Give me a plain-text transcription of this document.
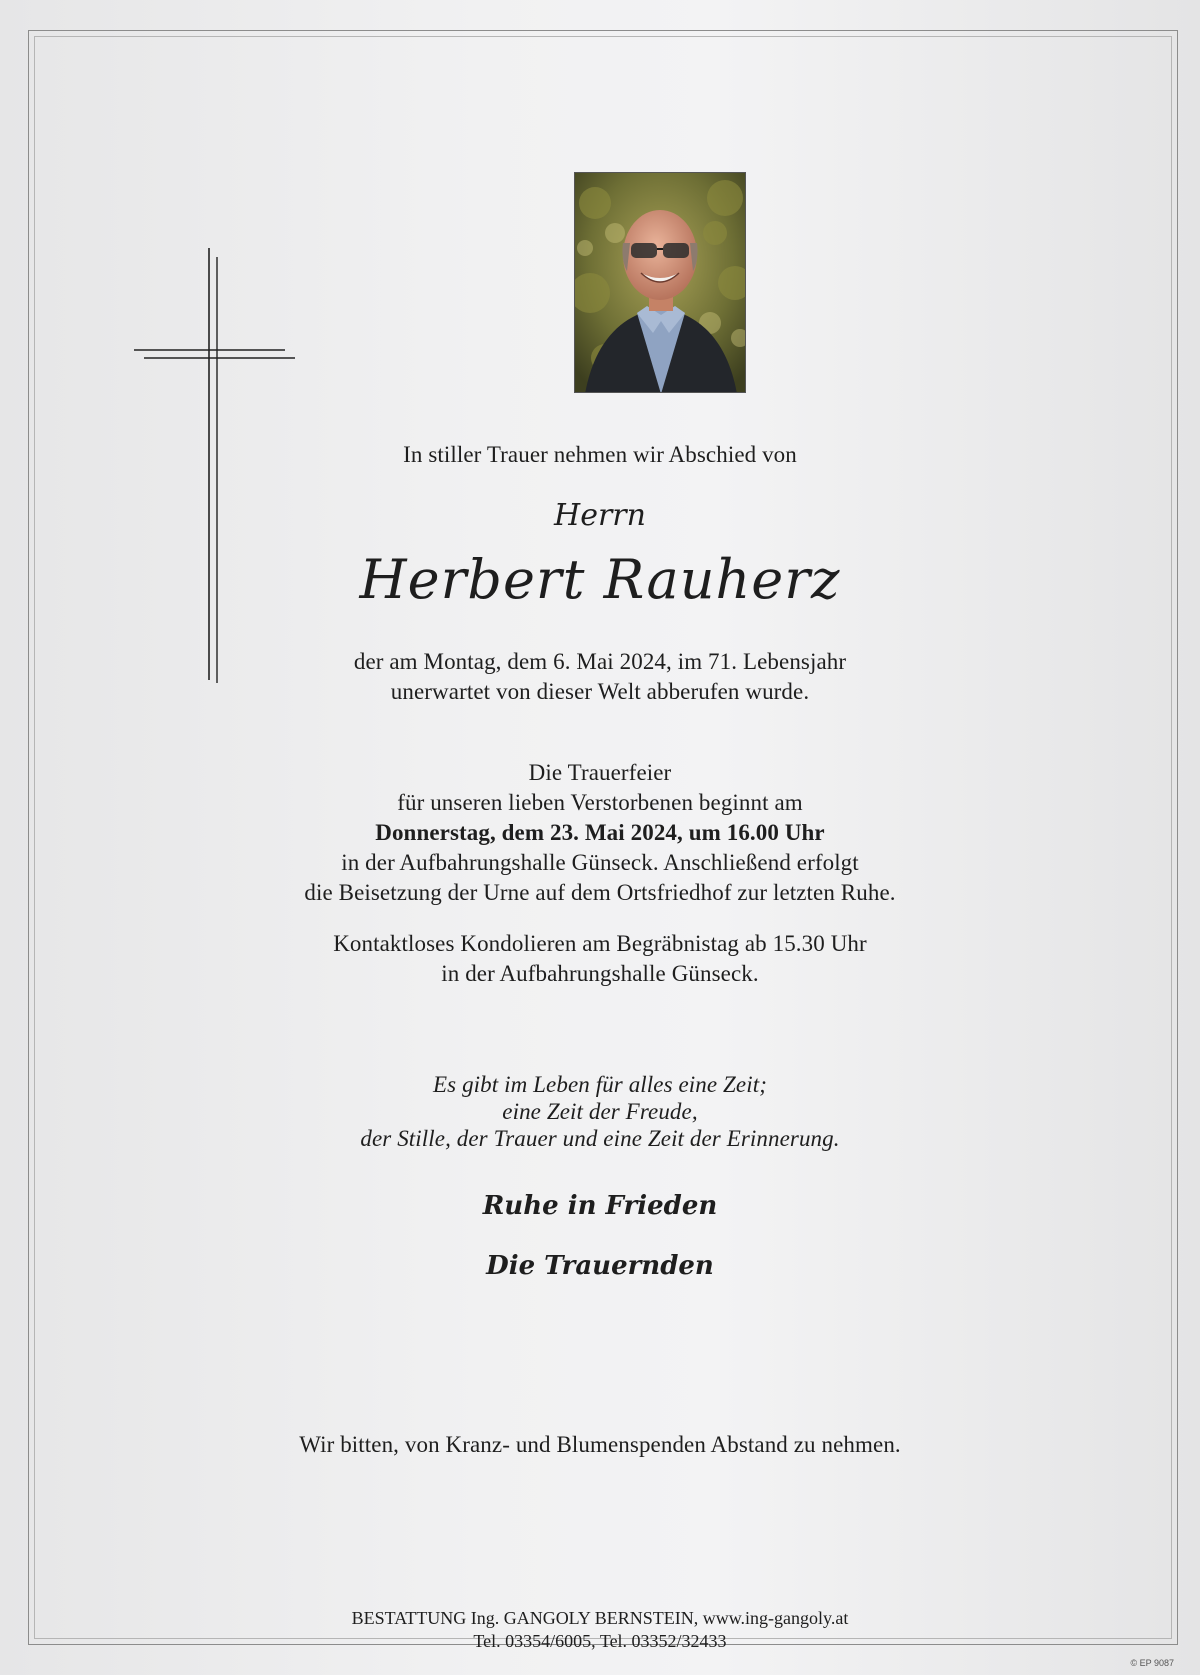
In stiller Trauer nehmen wir Abschied von
Herrn
Herbert Rauherz
der am Montag, dem 6. Mai 2024, im 71. Lebensjahr
unerwartet von dieser Welt abberufen wurde.
Die Trauerfeier
für unseren lieben Verstorbenen beginnt am
Donnerstag, dem 23. Mai 2024, um 16.00 Uhr
in der Aufbahrungshalle Günseck. Anschließend erfolgt
die Beisetzung der Urne auf dem Ortsfriedhof zur letzten Ruhe.
Kontaktloses Kondolieren am Begräbnistag ab 15.30 Uhr
in der Aufbahrungshalle Günseck.
Es gibt im Leben für alles eine Zeit;
eine Zeit der Freude,
der Stille, der Trauer und eine Zeit der Erinnerung.
Ruhe in Frieden
Die Trauernden
Wir bitten, von Kranz- und Blumenspenden Abstand zu nehmen.
BESTATTUNG Ing. GANGOLY BERNSTEIN, www.ing-gangoly.at
Tel. 03354/6005, Tel. 03352/32433
© EP 9087
